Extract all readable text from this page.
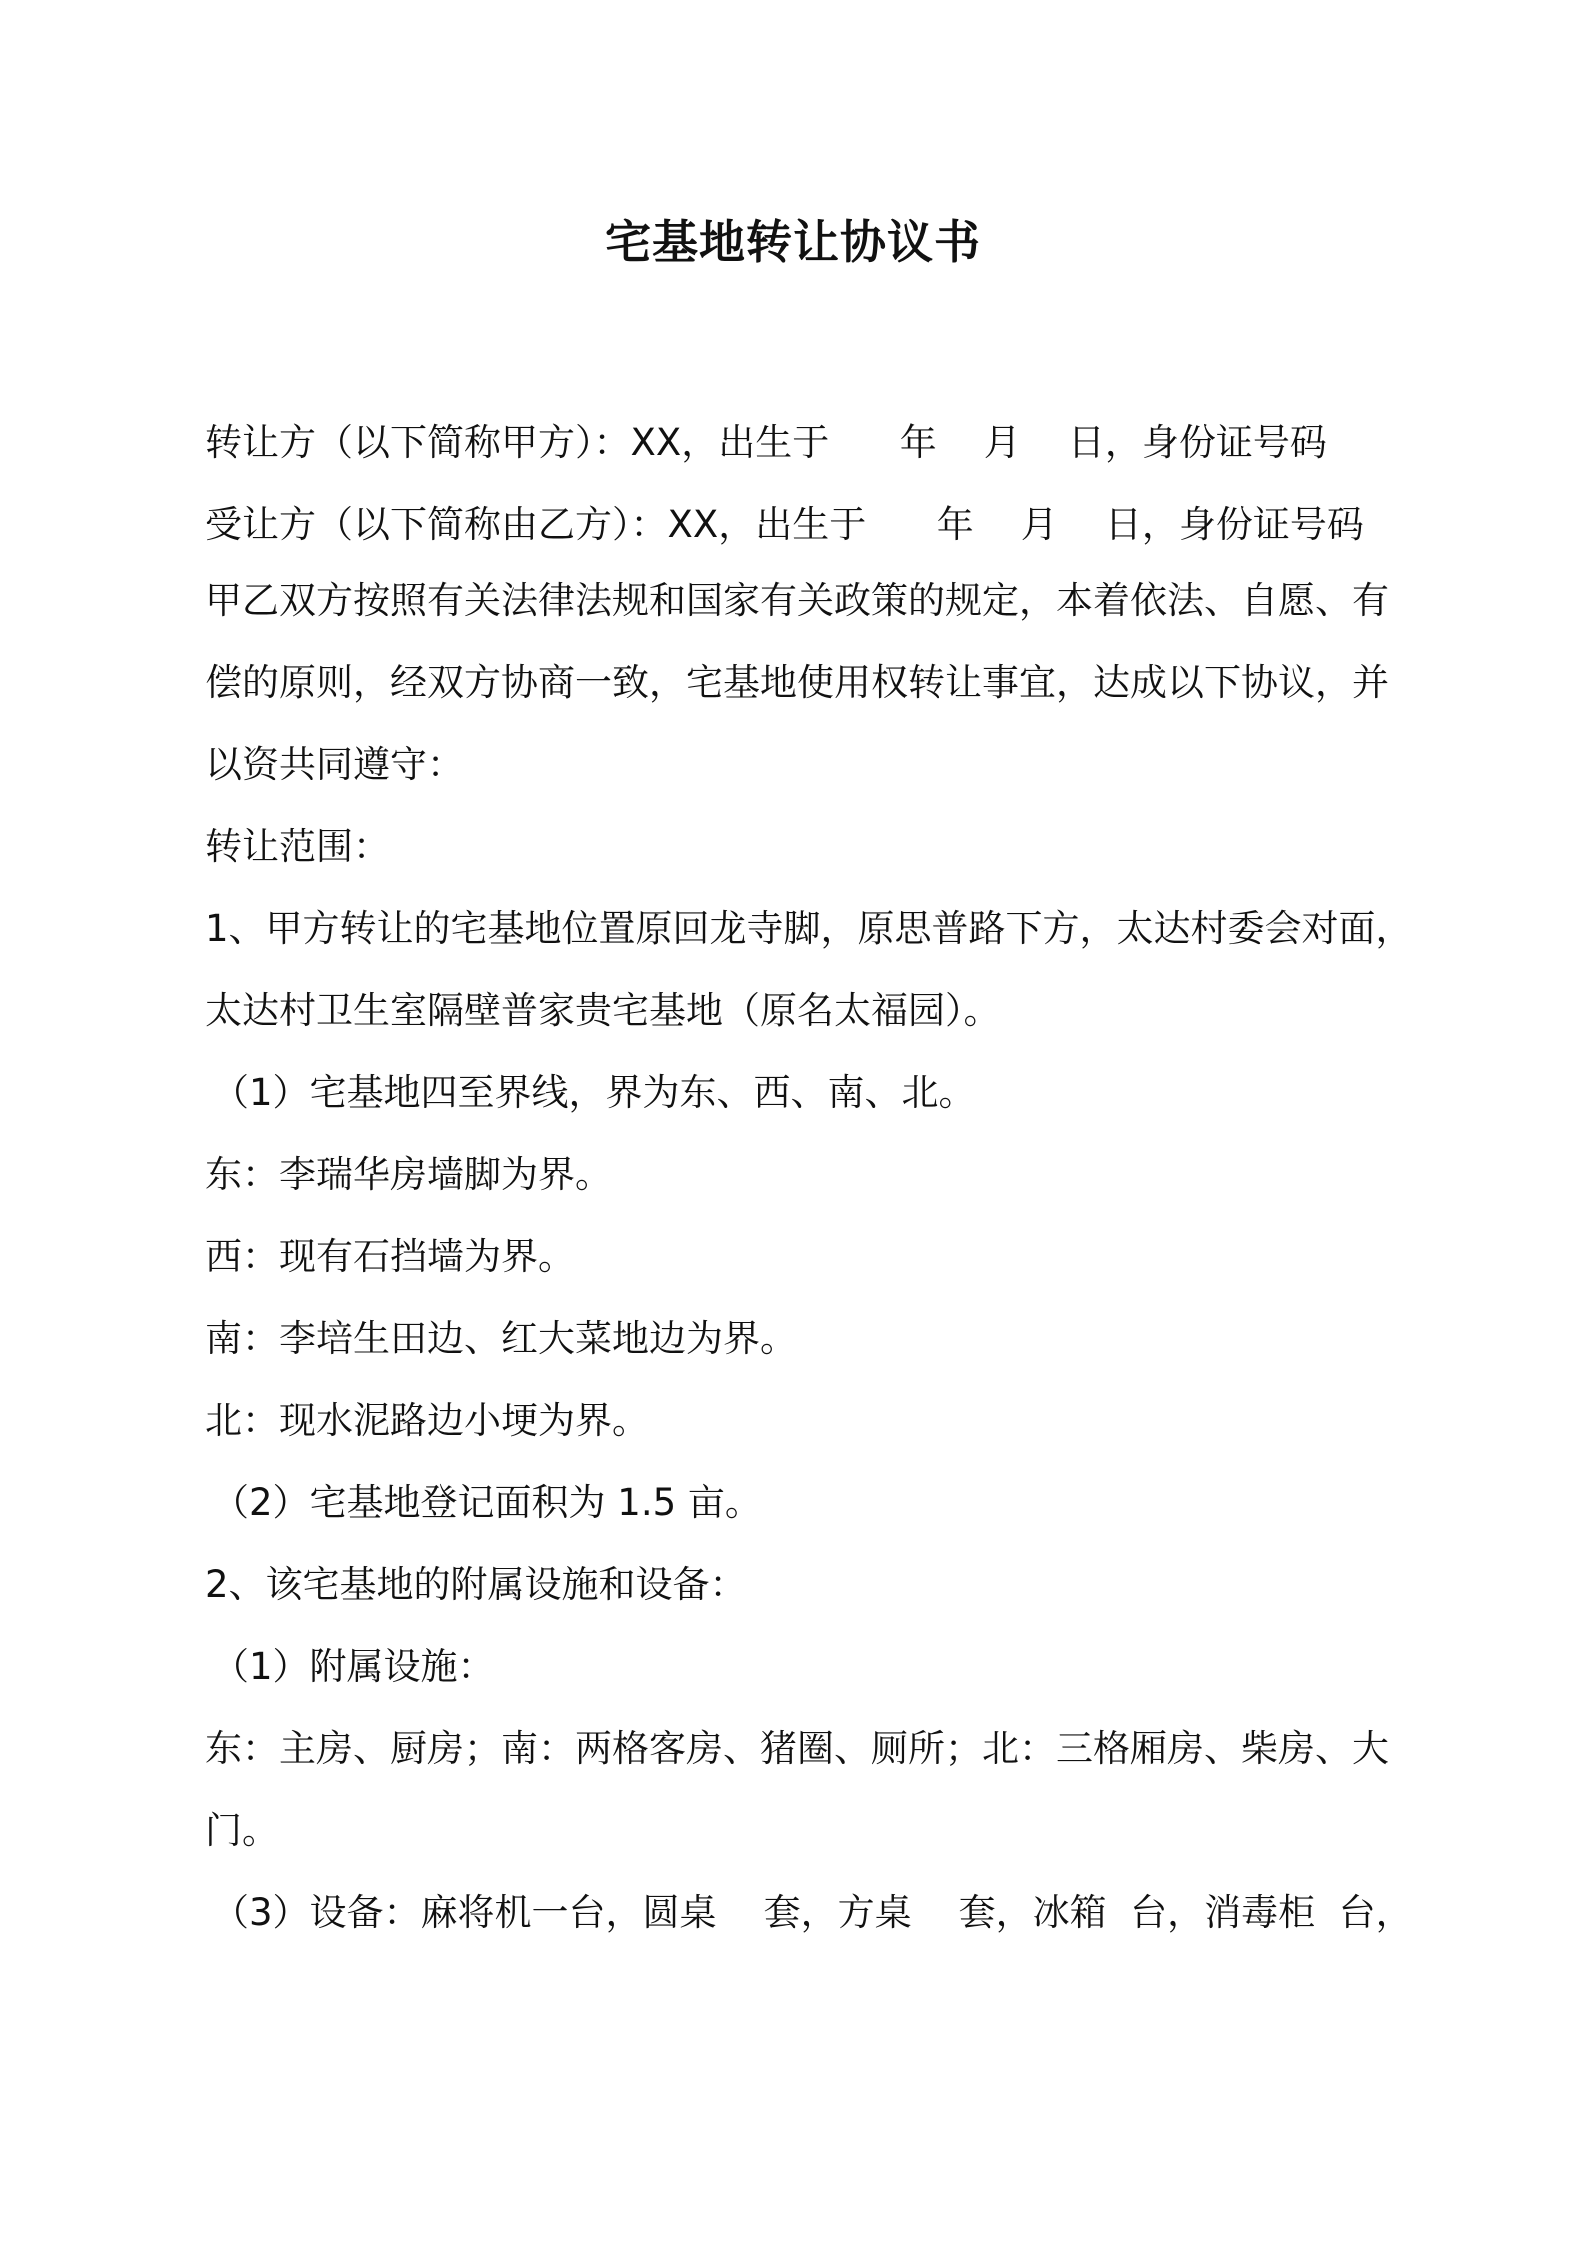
宅基地转让协议书
转让方（以下简称甲方）：XX，出生于      年    月    日，身份证号码
受让方（以下简称由乙方）：XX，出生于      年    月    日，身份证号码
甲乙双方按照有关法律法规和国家有关政策的规定，本着依法、自愿、有
偿的原则，经双方协商一致，宅基地使用权转让事宜，达成以下协议，并
以资共同遵守：
转让范围：
1、甲方转让的宅基地位置原回龙寺脚，原思普路下方，太达村委会对面，
太达村卫生室隔壁普家贵宅基地（原名太福园）。
（1）宅基地四至界线，界为东、西、南、北。
东：李瑞华房墙脚为界。
西：现有石挡墙为界。
南：李培生田边、红大菜地边为界。
北：现水泥路边小埂为界。
（2）宅基地登记面积为 1.5 亩。
2、该宅基地的附属设施和设备：
（1）附属设施：
东：主房、厨房；南：两格客房、猪圈、厕所；北：三格厢房、柴房、大
门。
（3）设备：麻将机一台，圆桌    套，方桌    套，冰箱  台，消毒柜  台，
